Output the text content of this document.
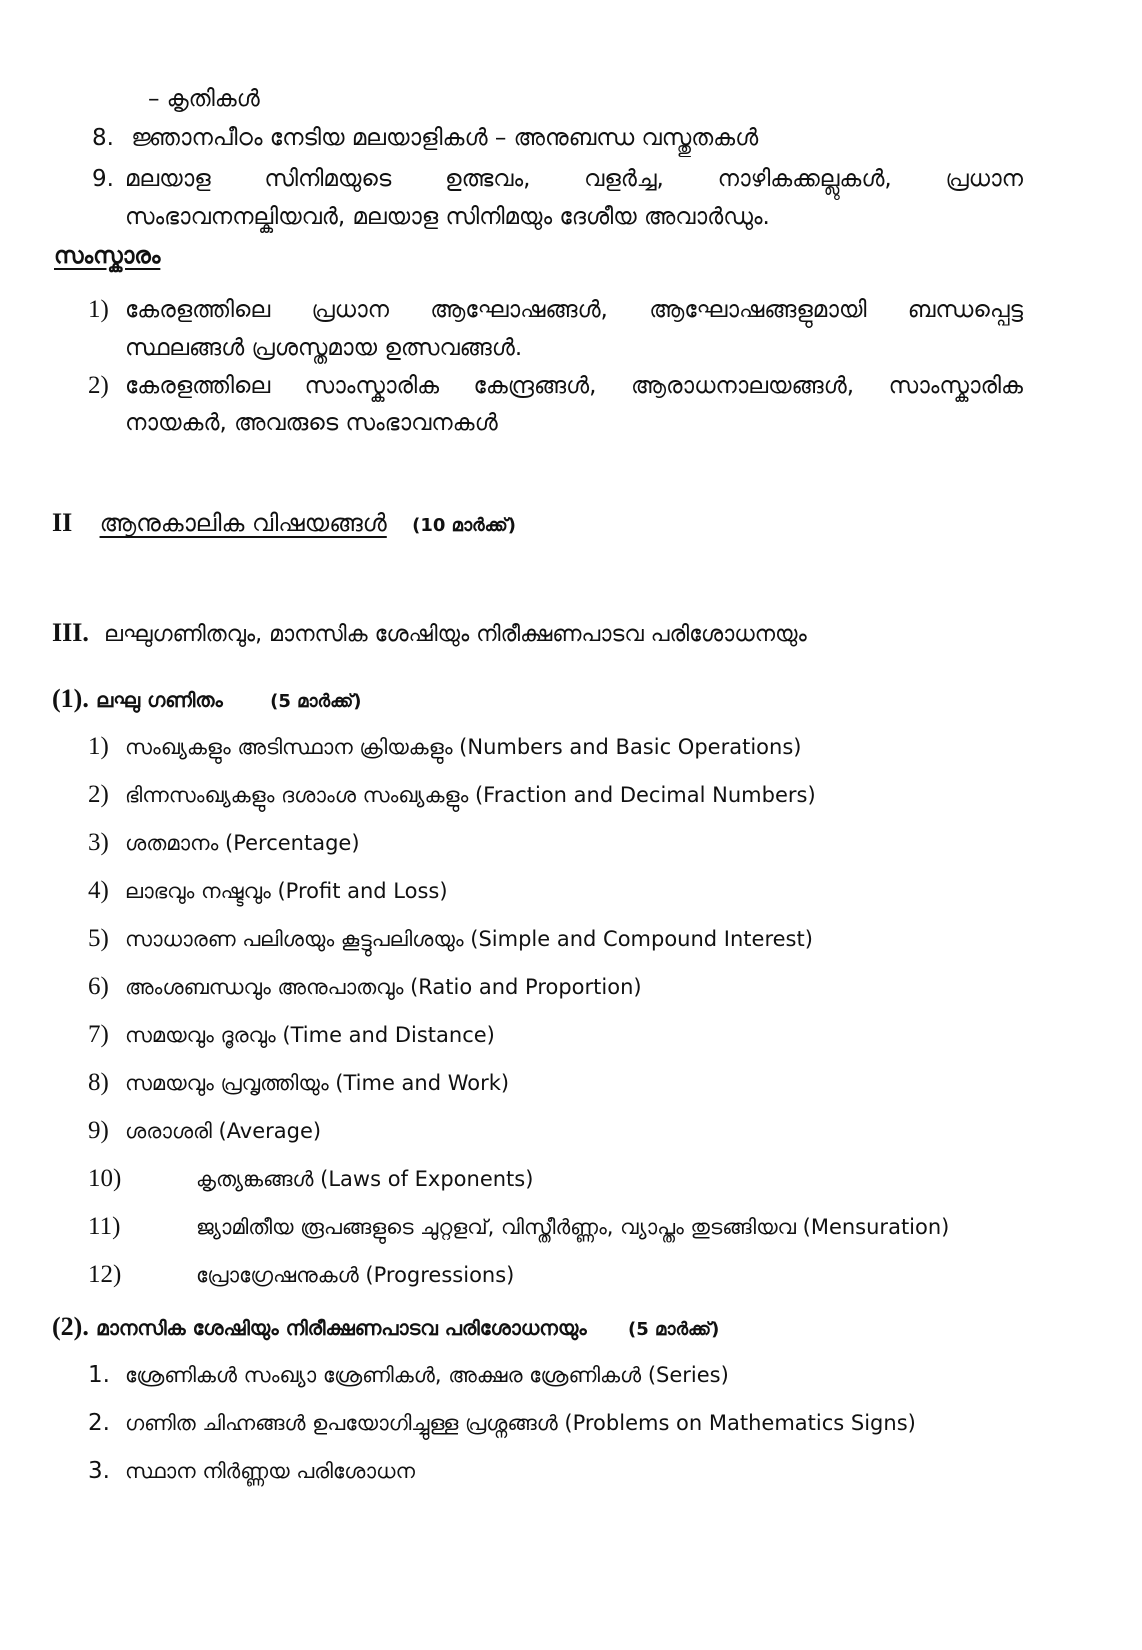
– കൃതികൾ
8. ജ്ഞാനപീഠം നേടിയ മലയാളികൾ – അനുബന്ധ വസ്തുതകൾ
9. മലയാള സിനിമയുടെ ഉത്ഭവം, വളർച്ച, നാഴികക്കല്ലുകൾ, പ്രധാന
സംഭാവനനല്കിയവർ, മലയാള സിനിമയും ദേശീയ അവാർഡും.
സംസ്കാരം
1) കേരളത്തിലെ പ്രധാന ആഘോഷങ്ങൾ, ആഘോഷങ്ങളുമായി ബന്ധപ്പെട്ട
സ്ഥലങ്ങൾ പ്രശസ്തമായ ഉത്സവങ്ങൾ.
2) കേരളത്തിലെ സാംസ്കാരിക കേന്ദ്രങ്ങൾ, ആരാധനാലയങ്ങൾ, സാംസ്കാരിക
നായകർ, അവരുടെ സംഭാവനകൾ
II ആനുകാലിക വിഷയങ്ങൾ (10 മാർക്ക്)
III. ലഘുഗണിതവും, മാനസിക ശേഷിയും നിരീക്ഷണപാടവ പരിശോധനയും
(1). ലഘു ഗണിതം	(5 മാർക്ക്)
1) സംഖ്യകളും അടിസ്ഥാന ക്രിയകളും (Numbers and Basic Operations)
2) ഭിന്നസംഖ്യകളും ദശാംശ സംഖ്യകളും (Fraction and Decimal Numbers)
3) ശതമാനം (Percentage)
4) ലാഭവും നഷ്ടവും (Profit and Loss)
5) സാധാരണ പലിശയും കൂട്ടുപലിശയും (Simple and Compound Interest)
6) അംശബന്ധവും അനുപാതവും (Ratio and Proportion)
7) സമയവും ദൂരവും (Time and Distance)
8) സമയവും പ്രവൃത്തിയും (Time and Work)
9) ശരാശരി (Average)
10)	കൃത്യങ്കങ്ങൾ (Laws of Exponents)
11)	ജ്യാമിതീയ രൂപങ്ങളുടെ ചുറ്റളവ്, വിസ്തീർണ്ണം, വ്യാപ്തം തുടങ്ങിയവ (Mensuration)
12)	പ്രോഗ്രേഷനുകൾ (Progressions)
(2). മാനസിക ശേഷിയും നിരീക്ഷണപാടവ പരിശോധനയും (5 മാർക്ക്)
1. ശ്രേണികൾ സംഖ്യാ ശ്രേണികൾ, അക്ഷര ശ്രേണികൾ (Series)
2. ഗണിത ചിഹ്നങ്ങൾ ഉപയോഗിച്ചുള്ള പ്രശ്നങ്ങൾ (Problems on Mathematics Signs)
3. സ്ഥാന നിർണ്ണയ പരിശോധന
